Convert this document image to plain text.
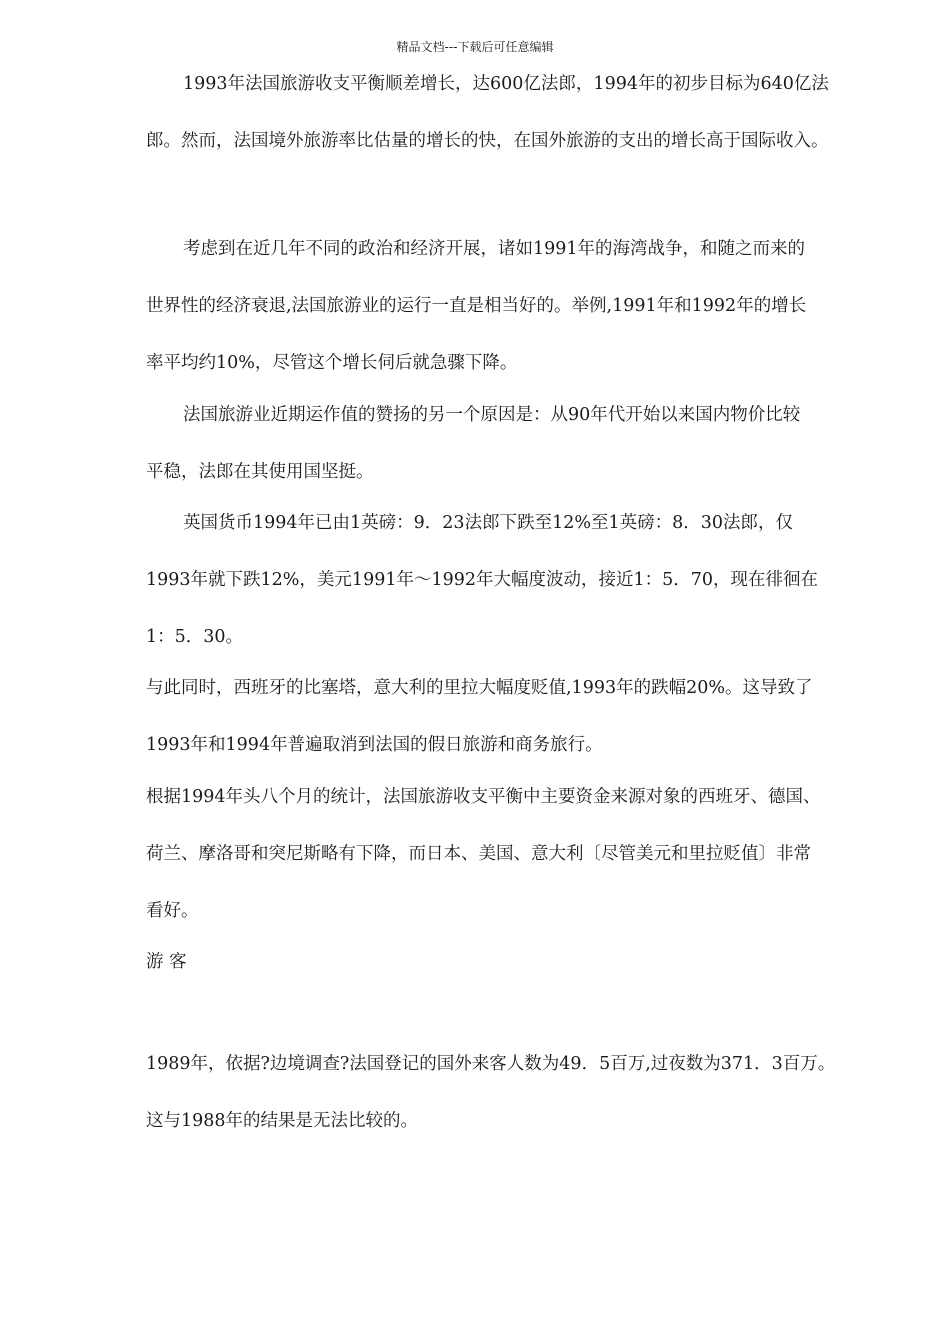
精品文档---下载后可任意编辑
1993年法国旅游收支平衡顺差增长，达600亿法郎，1994年的初步目标为640亿法
郎。然而，法国境外旅游率比估量的增长的快，在国外旅游的支出的增长高于国际收入。
考虑到在近几年不同的政治和经济开展，诸如1991年的海湾战争，和随之而来的
世界性的经济衰退,法国旅游业的运行一直是相当好的。举例,1991年和1992年的增长
率平均约10%，尽管这个增长伺后就急骤下降。
法国旅游业近期运作值的赞扬的另一个原因是：从90年代开始以来国内物价比较
平稳，法郎在其使用国坚挺。
英国货币1994年已由1英磅：9．23法郎下跌至12%至1英磅：8．30法郎，仅
1993年就下跌12%，美元1991年～1992年大幅度波动，接近1：5．70，现在徘徊在
1：5．30。
与此同时，西班牙的比塞塔，意大利的里拉大幅度贬值,1993年的跌幅20%。这导致了
1993年和1994年普遍取消到法国的假日旅游和商务旅行。
根据1994年头八个月的统计，法国旅游收支平衡中主要资金来源对象的西班牙、德国、
荷兰、摩洛哥和突尼斯略有下降，而日本、美国、意大利〔尽管美元和里拉贬值〕非常
看好。
游 客
1989年，依据?边境调查?法国登记的国外来客人数为49．5百万,过夜数为371．3百万。
这与1988年的结果是无法比较的。
